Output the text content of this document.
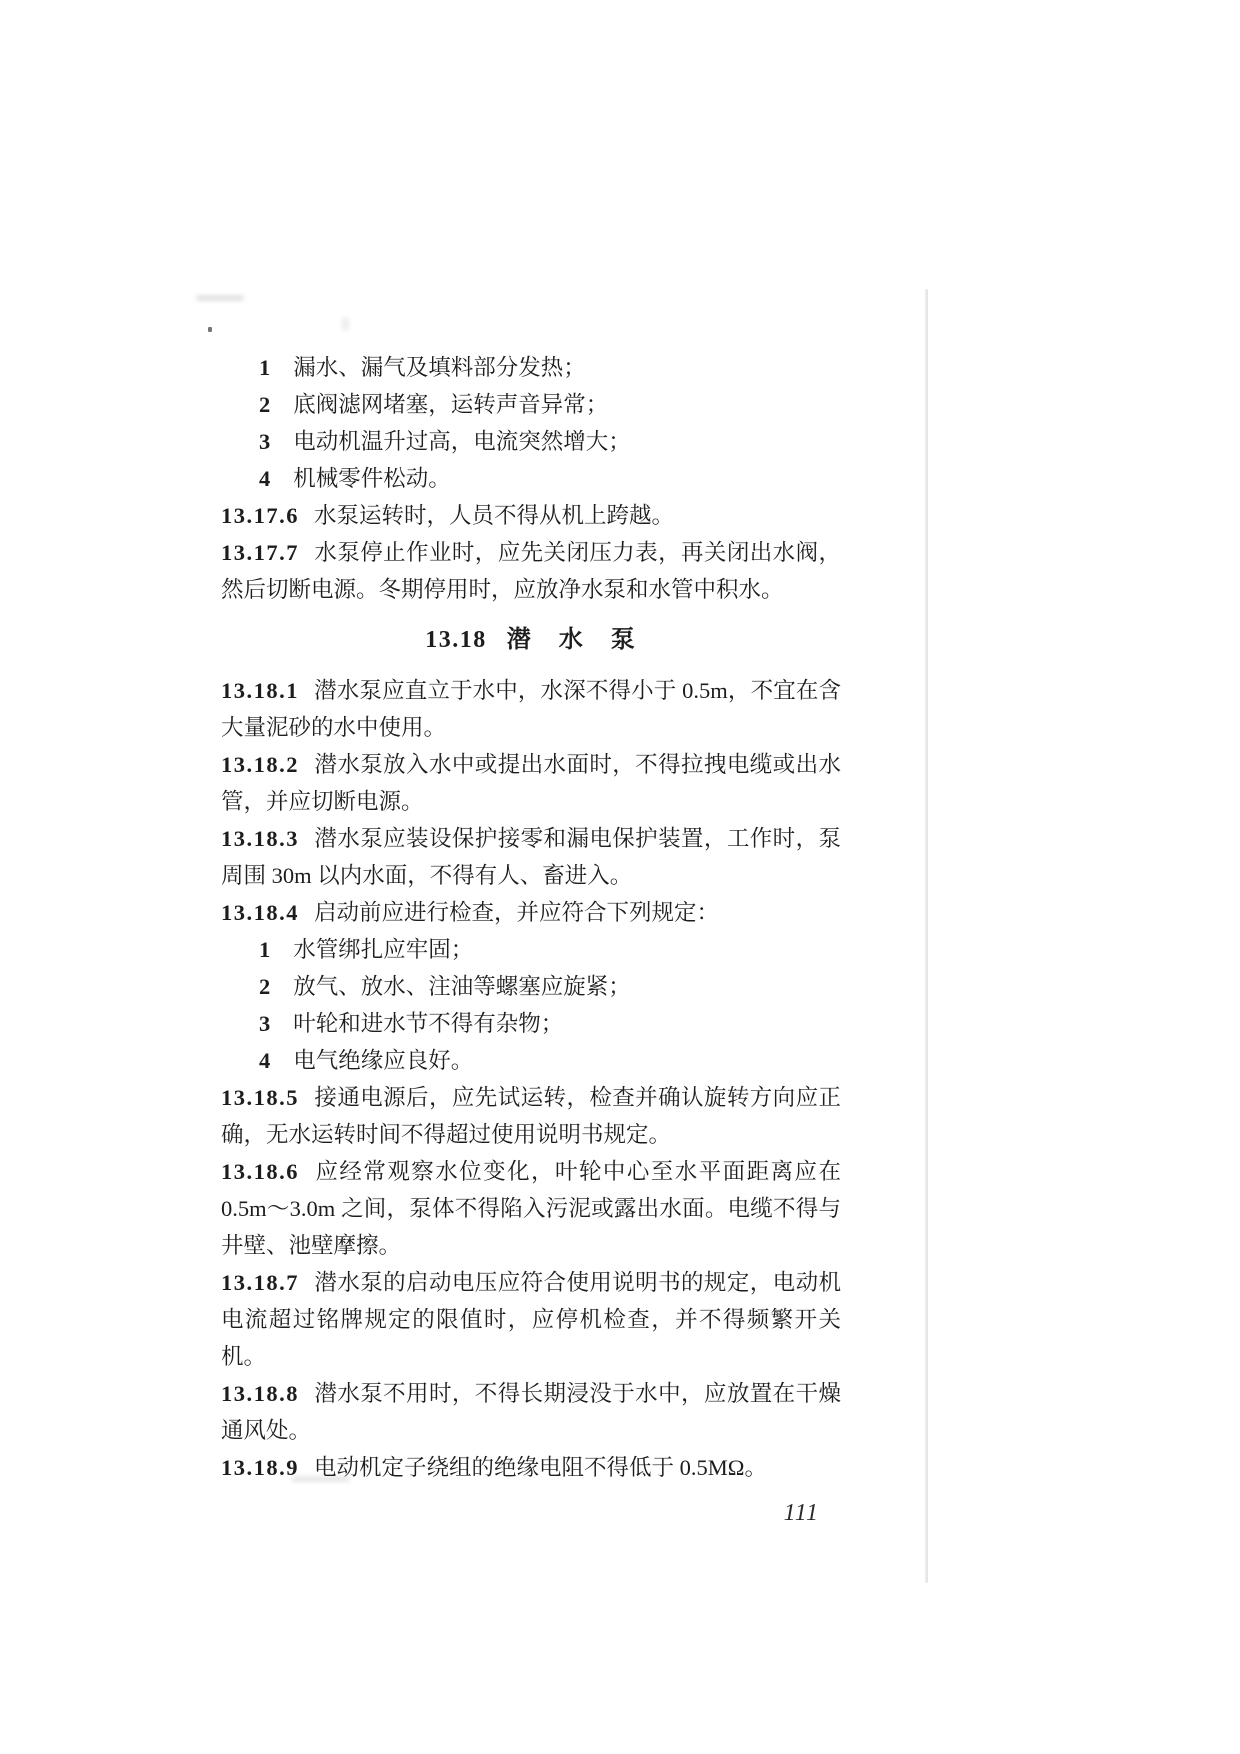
1 漏水、漏气及填料部分发热；

2 底阀滤网堵塞，运转声音异常；

3 电动机温升过高，电流突然增大；

4 机械零件松动。

13.17.6 水泵运转时，人员不得从机上跨越。

13.17.7 水泵停止作业时，应先关闭压力表，再关闭出水阀，然后切断电源。冬期停用时，应放净水泵和水管中积水。

13.18 潜　水　泵

13.18.1 潜水泵应直立于水中，水深不得小于 0.5m，不宜在含大量泥砂的水中使用。

13.18.2 潜水泵放入水中或提出水面时，不得拉拽电缆或出水管，并应切断电源。

13.18.3 潜水泵应装设保护接零和漏电保护装置，工作时，泵周围 30m 以内水面，不得有人、畜进入。

13.18.4 启动前应进行检查，并应符合下列规定：

1 水管绑扎应牢固；

2 放气、放水、注油等螺塞应旋紧；

3 叶轮和进水节不得有杂物；

4 电气绝缘应良好。

13.18.5 接通电源后，应先试运转，检查并确认旋转方向应正确，无水运转时间不得超过使用说明书规定。

13.18.6 应经常观察水位变化，叶轮中心至水平面距离应在 0.5m～3.0m 之间，泵体不得陷入污泥或露出水面。电缆不得与井壁、池壁摩擦。

13.18.7 潜水泵的启动电压应符合使用说明书的规定，电动机电流超过铭牌规定的限值时，应停机检查，并不得频繁开关机。

13.18.8 潜水泵不用时，不得长期浸没于水中，应放置在干燥通风处。

13.18.9 电动机定子绕组的绝缘电阻不得低于 0.5MΩ。

111
